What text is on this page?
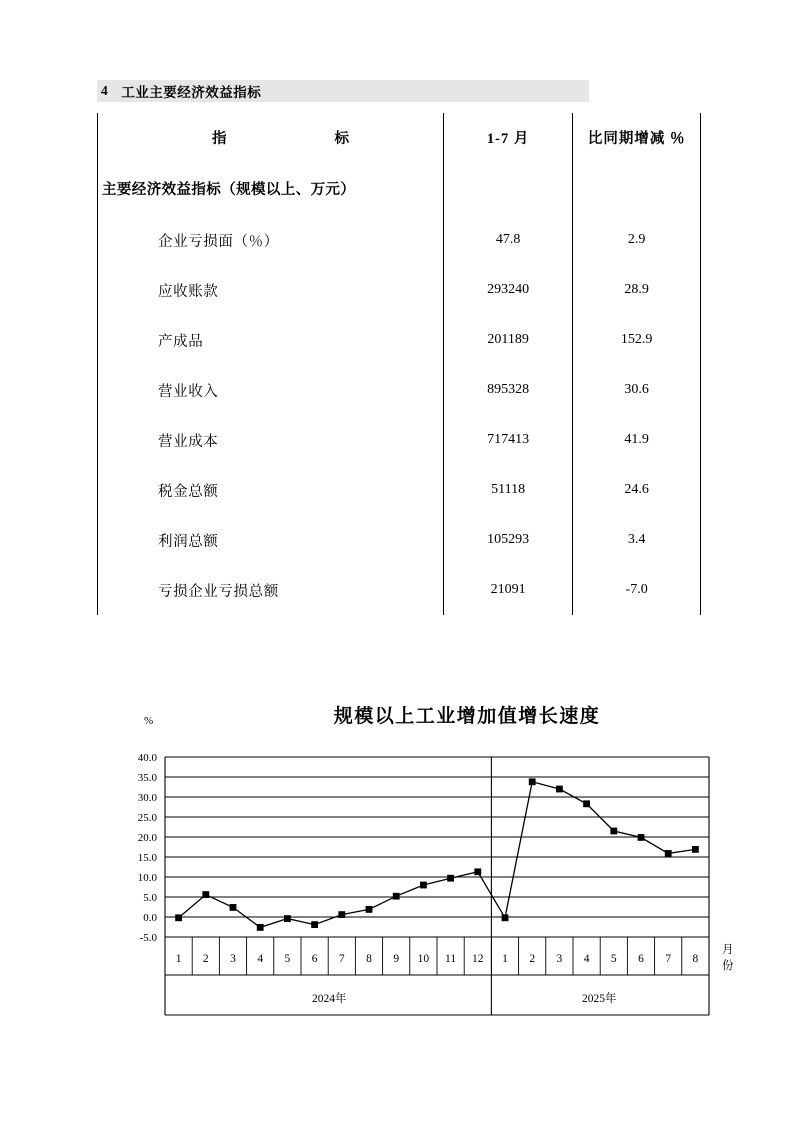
4 工业主要经济效益指标
指　　　　标	1-7 月	比同期增减 ％
主要经济效益指标（规模以上、万元）		
企业亏损面（％）	47.8	2.9
应收账款	293240	28.9
产成品	201189	152.9
营业收入	895328	30.6
营业成本	717413	41.9
税金总额	51118	24.6
利润总额	105293	3.4
亏损企业亏损总额	21091	-7.0
规模以上工业增加值增长速度
%
月份
40.0
35.0
30.0
25.0
20.0
15.0
10.0
5.0
0.0
-5.0
1 2 3 4 5 6 7 8 9 10 11 12 1 2 3 4 5 6 7 8
2024年	2025年
